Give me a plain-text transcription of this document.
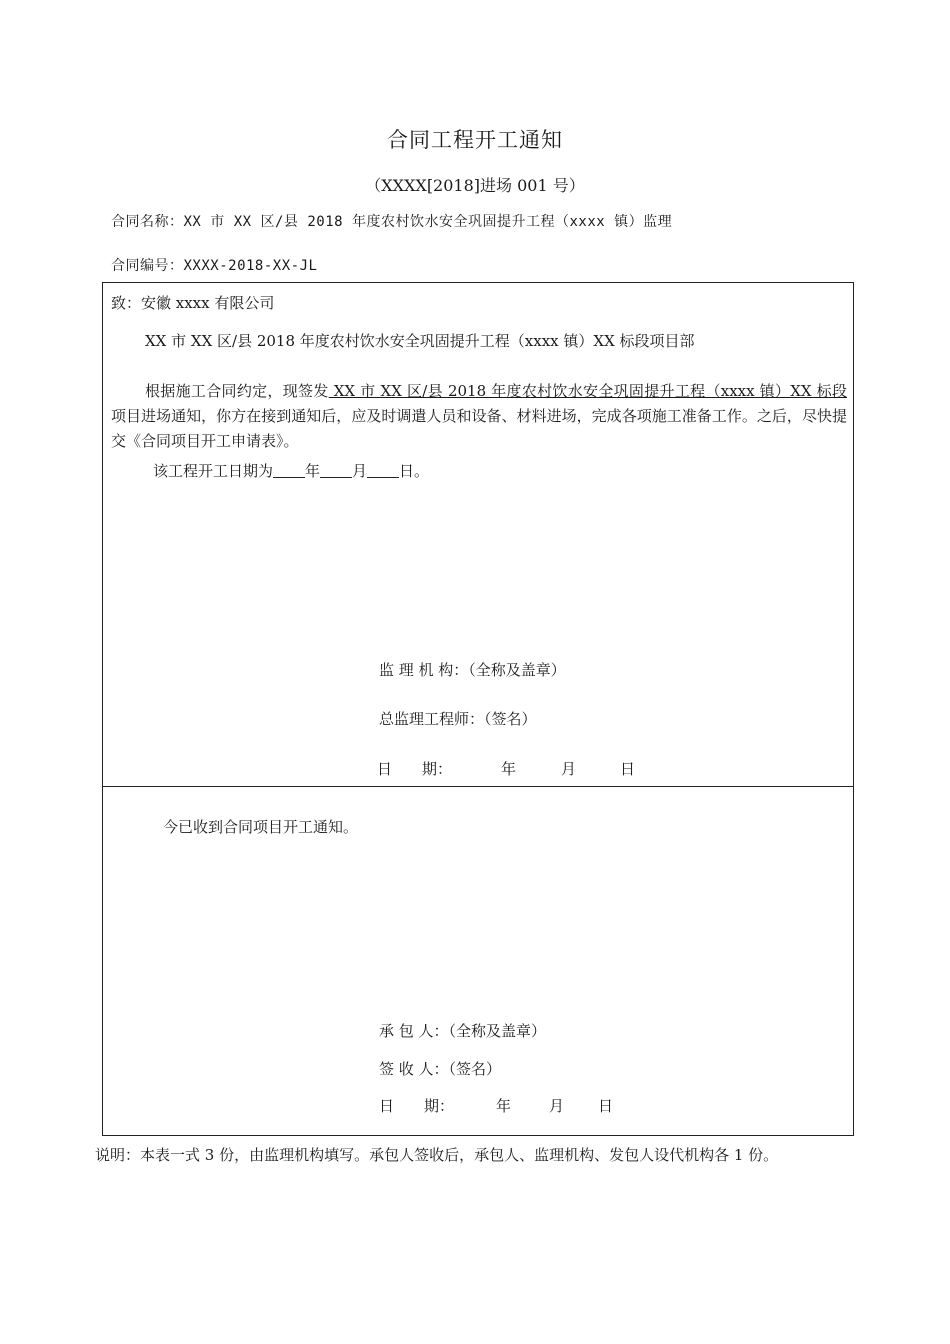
合同工程开工通知
（XXXX[2018]进场 001 号）
合同名称：XX 市 XX 区/县 2018 年度农村饮水安全巩固提升工程（xxxx 镇）监理
合同编号：XXXX-2018-XX-JL
致：安徽 xxxx 有限公司
XX 市 XX 区/县 2018 年度农村饮水安全巩固提升工程（xxxx 镇）XX 标段项目部
根据施工合同约定，现签发 XX 市 XX 区/县 2018 年度农村饮水安全巩固提升工程（xxxx 镇）XX 标段 项目进场通知，你方在接到通知后，应及时调遣人员和设备、材料进场，完成各项施工准备工作。之后，尽快提交《合同项目开工申请表》。
该工程开工日期为 年 月 日。
监 理 机 构：（全称及盖章）
总监理工程师：（签名）
日　　期：	年	月	日
今已收到合同项目开工通知。
承 包 人：（全称及盖章）
签 收 人：（签名）
日　　期：	年	月 日
说明：本表一式 3 份，由监理机构填写。承包人签收后，承包人、监理机构、发包人设代机构各 1 份。
